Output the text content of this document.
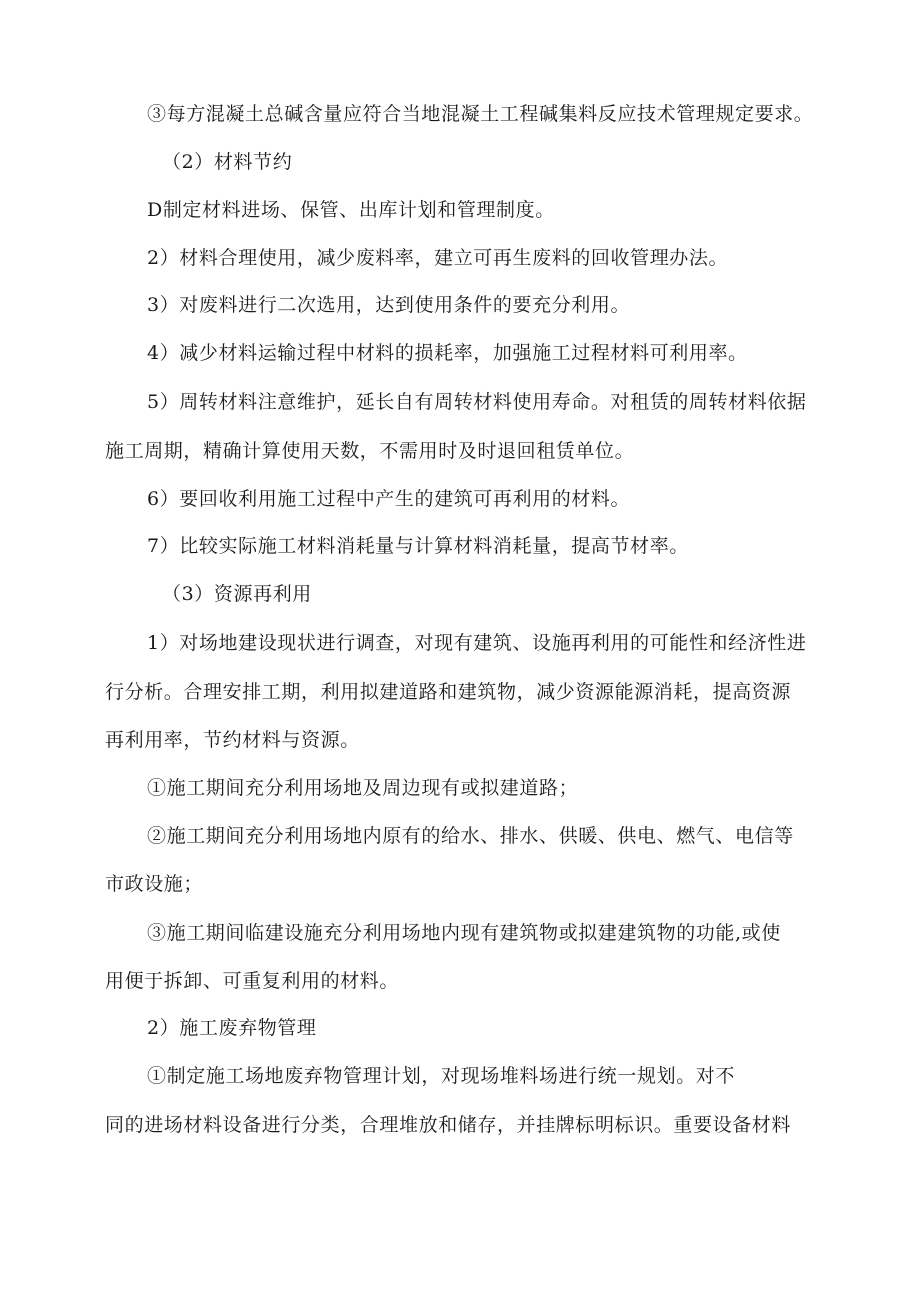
③每方混凝土总碱含量应符合当地混凝土工程碱集料反应技术管理规定要求。
（2）材料节约
D制定材料进场、保管、出库计划和管理制度。
2）材料合理使用，减少废料率，建立可再生废料的回收管理办法。
3）对废料进行二次选用，达到使用条件的要充分利用。
4）减少材料运输过程中材料的损耗率，加强施工过程材料可利用率。
5）周转材料注意维护，延长自有周转材料使用寿命。对租赁的周转材料依据
施工周期，精确计算使用天数，不需用时及时退回租赁单位。
6）要回收利用施工过程中产生的建筑可再利用的材料。
7）比较实际施工材料消耗量与计算材料消耗量，提高节材率。
（3）资源再利用
1）对场地建设现状进行调查，对现有建筑、设施再利用的可能性和经济性进
行分析。合理安排工期，利用拟建道路和建筑物，减少资源能源消耗，提高资源
再利用率，节约材料与资源。
①施工期间充分利用场地及周边现有或拟建道路；
②施工期间充分利用场地内原有的给水、排水、供暖、供电、燃气、电信等
市政设施；
③施工期间临建设施充分利用场地内现有建筑物或拟建建筑物的功能,或使
用便于拆卸、可重复利用的材料。
2）施工废弃物管理
①制定施工场地废弃物管理计划，对现场堆料场进行统一规划。对不
同的进场材料设备进行分类，合理堆放和储存，并挂牌标明标识。重要设备材料
